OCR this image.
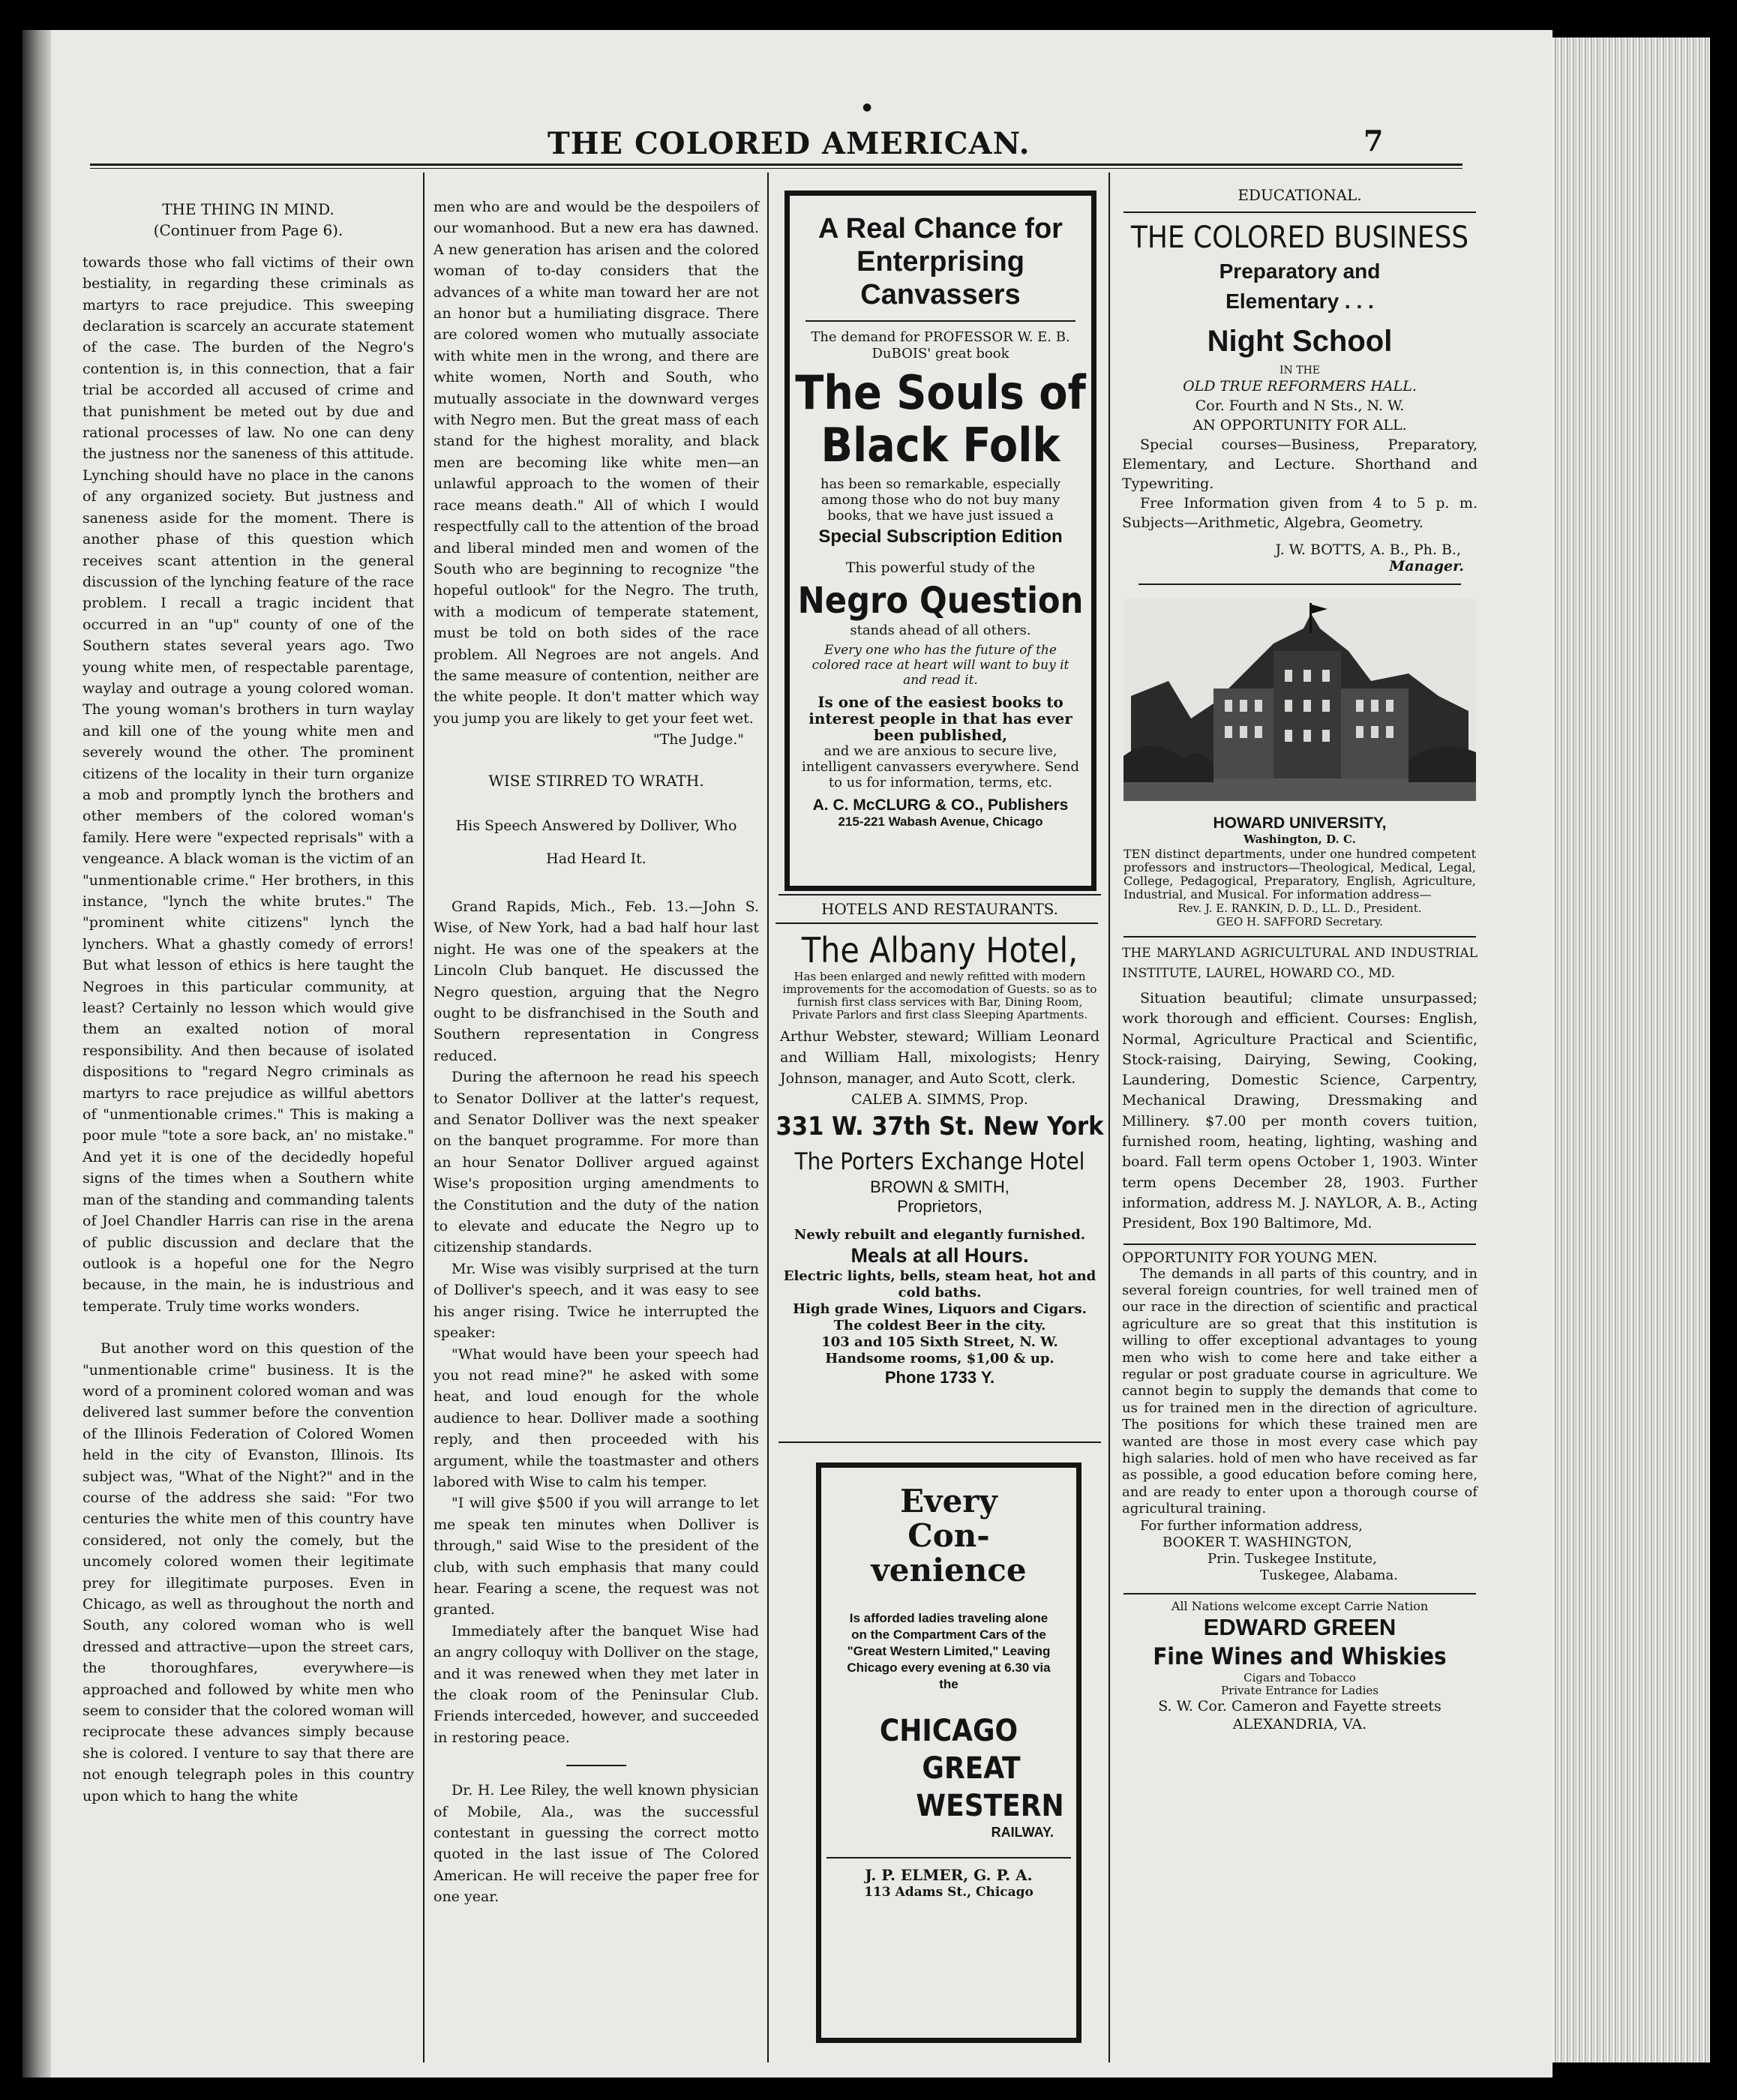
●
THE COLORED AMERICAN.	7

THE THING IN MIND.

(Continuer from Page 6).

towards those who fall victims of their own bestiality, in regarding these criminals as martyrs to race prejudice. This sweeping declaration is scarcely an accurate statement of the case. The burden of the Negro's contention is, in this connection, that a fair trial be accorded all accused of crime and that punishment be meted out by due and rational processes of law. No one can deny the justness nor the saneness of this attitude. Lynching should have no place in the canons of any organized society. But justness and saneness aside for the moment. There is another phase of this question which receives scant attention in the general discussion of the lynching feature of the race problem. I recall a tragic incident that occurred in an "up" county of one of the Southern states several years ago. Two young white men, of respectable parentage, waylay and outrage a young colored woman. The young woman's brothers in turn waylay and kill one of the young white men and severely wound the other. The prominent citizens of the locality in their turn organize a mob and promptly lynch the brothers and other members of the colored woman's family. Here were "expected reprisals" with a vengeance. A black woman is the victim of an "unmentionable crime." Her brothers, in this instance, "lynch the white brutes." The "prominent white citizens" lynch the lynchers. What a ghastly comedy of errors! But what lesson of ethics is here taught the Negroes in this particular community, at least? Certainly no lesson which would give them an exalted notion of moral responsibility. And then because of isolated dispositions to "regard Negro criminals as martyrs to race prejudice as willful abettors of "unmentionable crimes." This is making a poor mule "tote a sore back, an' no mistake." And yet it is one of the decidedly hopeful signs of the times when a Southern white man of the standing and commanding talents of Joel Chandler Harris can rise in the arena of public discussion and declare that the outlook is a hopeful one for the Negro because, in the main, he is industrious and temperate. Truly time works wonders.

But another word on this question of the "unmentionable crime" business. It is the word of a prominent colored woman and was delivered last summer before the convention of the Illinois Federation of Colored Women held in the city of Evanston, Illinois. Its subject was, "What of the Night?" and in the course of the address she said: "For two centuries the white men of this country have considered, not only the comely, but the uncomely colored women their legitimate prey for illegitimate purposes. Even in Chicago, as well as throughout the north and South, any colored woman who is well dressed and attractive—upon the street cars, the thoroughfares, everywhere—is approached and followed by white men who seem to consider that the colored woman will reciprocate these advances simply because she is colored. I venture to say that there are not enough telegraph poles in this country upon which to hang the white

men who are and would be the despoilers of our womanhood. But a new era has dawned. A new generation has arisen and the colored woman of to-day considers that the advances of a white man toward her are not an honor but a humiliating disgrace. There are colored women who mutually associate with white men in the wrong, and there are white women, North and South, who mutually associate in the downward verges with Negro men. But the great mass of each stand for the highest morality, and black men are becoming like white men—an unlawful approach to the women of their race means death." All of which I would respectfully call to the attention of the broad and liberal minded men and women of the South who are beginning to recognize "the hopeful outlook" for the Negro. The truth, with a modicum of temperate statement, must be told on both sides of the race problem. All Negroes are not angels. And the same measure of contention, neither are the white people. It don't matter which way you jump you are likely to get your feet wet.

"The Judge."

WISE STIRRED TO WRATH.

His Speech Answered by Dolliver, Who Had Heard It.

Grand Rapids, Mich., Feb. 13.—John S. Wise, of New York, had a bad half hour last night. He was one of the speakers at the Lincoln Club banquet. He discussed the Negro question, arguing that the Negro ought to be disfranchised in the South and Southern representation in Congress reduced.

During the afternoon he read his speech to Senator Dolliver at the latter's request, and Senator Dolliver was the next speaker on the banquet programme. For more than an hour Senator Dolliver argued against Wise's proposition urging amendments to the Constitution and the duty of the nation to elevate and educate the Negro up to citizenship standards.

Mr. Wise was visibly surprised at the turn of Dolliver's speech, and it was easy to see his anger rising. Twice he interrupted the speaker:

"What would have been your speech had you not read mine?" he asked with some heat, and loud enough for the whole audience to hear. Dolliver made a soothing reply, and then proceeded with his argument, while the toastmaster and others labored with Wise to calm his temper.

"I will give $500 if you will arrange to let me speak ten minutes when Dolliver is through," said Wise to the president of the club, with such emphasis that many could hear. Fearing a scene, the request was not granted.

Immediately after the banquet Wise had an angry colloquy with Dolliver on the stage, and it was renewed when they met later in the cloak room of the Peninsular Club. Friends interceded, however, and succeeded in restoring peace.

Dr. H. Lee Riley, the well known physician of Mobile, Ala., was the successful contestant in guessing the correct motto quoted in the last issue of The Colored American. He will receive the paper free for one year.

A Real Chance for
Enterprising
Canvassers
The demand for PROFESSOR W. E. B.
DuBOIS' great book
The Souls of
Black Folk
has been so remarkable, especially among those who do not buy many books, that we have just issued a
Special Subscription Edition
This powerful study of the
Negro Question
stands ahead of all others.
Every one who has the future of the colored race at heart will want to buy it and read it.
Is one of the easiest books to interest people in that has ever been published,
and we are anxious to secure live, intelligent canvassers everywhere. Send to us for information, terms, etc.
A. C. McCLURG & CO., Publishers
215-221 Wabash Avenue, Chicago
HOTELS AND RESTAURANTS.
The Albany Hotel,
Has been enlarged and newly refitted with modern improvements for the accomodation of Guests. so as to furnish first class services with Bar, Dining Room, Private Parlors and first class Sleeping Apartments.
Arthur Webster, steward; William Leonard and William Hall, mixologists; Henry Johnson, manager, and Auto Scott, clerk.
CALEB A. SIMMS, Prop.
331 W. 37th St. New York
The Porters Exchange Hotel
BROWN & SMITH,
Proprietors,
Newly rebuilt and elegantly furnished.
Meals at all Hours.
Electric lights, bells, steam heat, hot and cold baths.
High grade Wines, Liquors and Cigars.
The coldest Beer in the city.
103 and 105 Sixth Street, N. W.
Handsome rooms, $1,00 & up.
Phone 1733 Y.
Every
Con-
venience
Is afforded ladies traveling alone on the Compartment Cars of the "Great Western Limited," Leaving Chicago every evening at 6.30 via the
CHICAGO
GREAT
WESTERN
RAILWAY.
J. P. ELMER, G. P. A.
113 Adams St., Chicago
EDUCATIONAL.
THE COLORED BUSINESS
Preparatory and
Elementary . . .
Night School
IN THE
OLD TRUE REFORMERS HALL.
Cor. Fourth and N Sts., N. W.
AN OPPORTUNITY FOR ALL.
Special courses—Business, Preparatory, Elementary, and Lecture. Shorthand and Typewriting.
Free Information given from 4 to 5 p. m. Subjects—Arithmetic, Algebra, Geometry.
J. W. BOTTS, A. B., Ph. B.,
Manager.
HOWARD UNIVERSITY,
Washington, D. C.
TEN distinct departments, under one hundred competent professors and instructors—Theological, Medical, Legal, College, Pedagogical, Preparatory, English, Agriculture, Industrial, and Musical. For information address—
Rev. J. E. RANKIN, D. D., LL. D., President.
GEO H. SAFFORD Secretary.
THE MARYLAND AGRICULTURAL AND INDUSTRIAL INSTITUTE, LAUREL, HOWARD CO., MD.
Situation beautiful; climate unsurpassed; work thorough and efficient. Courses: English, Normal, Agriculture Practical and Scientific, Stock-raising, Dairying, Sewing, Cooking, Laundering, Domestic Science, Carpentry, Mechanical Drawing, Dressmaking and Millinery. $7.00 per month covers tuition, furnished room, heating, lighting, washing and board. Fall term opens October 1, 1903. Winter term opens December 28, 1903. Further information, address M. J. NAYLOR, A. B., Acting President, Box 190 Baltimore, Md.
OPPORTUNITY FOR YOUNG MEN.
The demands in all parts of this country, and in several foreign countries, for well trained men of our race in the direction of scientific and practical agriculture are so great that this institution is willing to offer exceptional advantages to young men who wish to come here and take either a regular or post graduate course in agriculture. We cannot begin to supply the demands that come to us for trained men in the direction of agriculture. The positions for which these trained men are wanted are those in most every case which pay high salaries. hold of men who have received as far as possible, a good education before coming here, and are ready to enter upon a thorough course of agricultural training.
For further information address,
BOOKER T. WASHINGTON,
Prin. Tuskegee Institute,
Tuskegee, Alabama.
All Nations welcome except Carrie Nation
EDWARD GREEN
Fine Wines and Whiskies
Cigars and Tobacco
Private Entrance for Ladies
S. W. Cor. Cameron and Fayette streets
ALEXANDRIA, VA.
